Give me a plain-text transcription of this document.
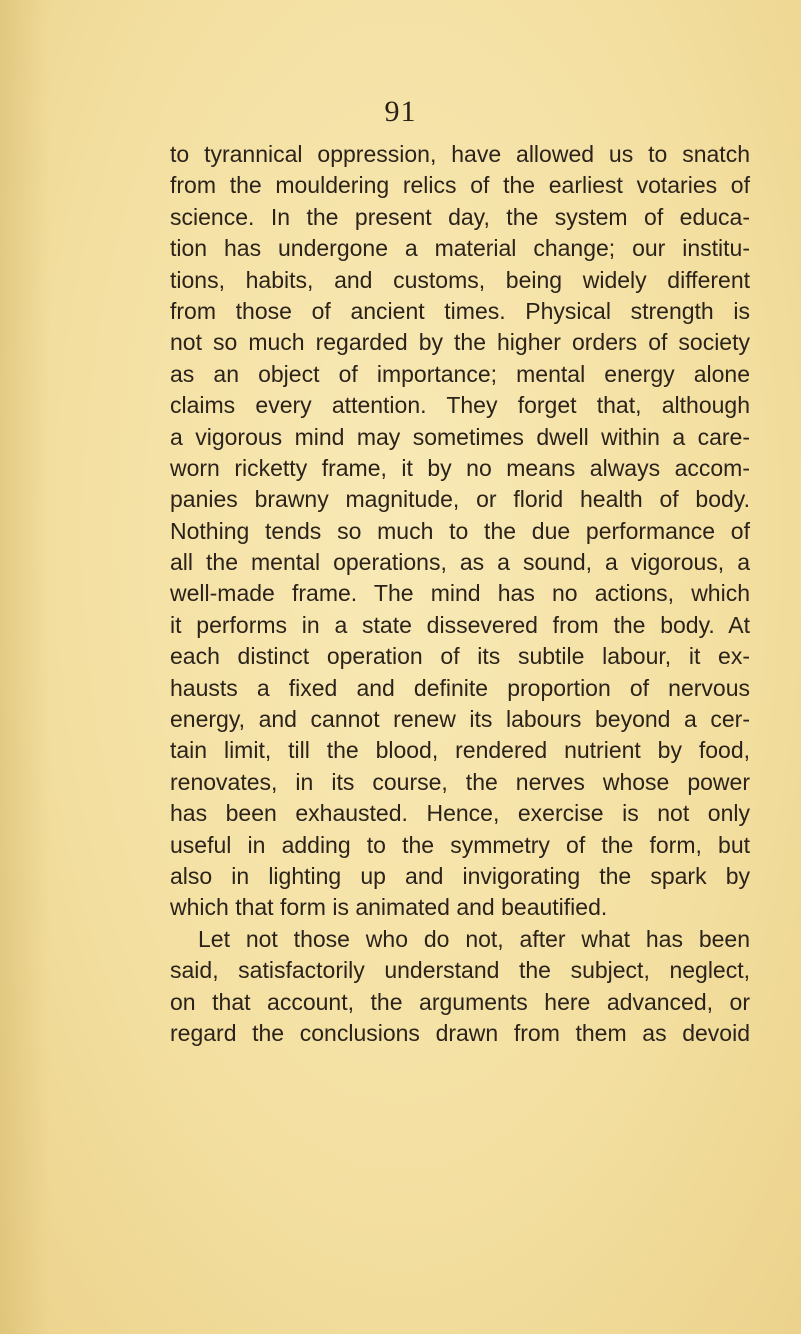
91
to tyrannical oppression, have allowed us to snatch
from the mouldering relics of the earliest votaries of
science. In the present day, the system of educa-
tion has undergone a material change; our institu-
tions, habits, and customs, being widely different
from those of ancient times. Physical strength is
not so much regarded by the higher orders of society
as an object of importance; mental energy alone
claims every attention. They forget that, although
a vigorous mind may sometimes dwell within a care-
worn ricketty frame, it by no means always accom-
panies brawny magnitude, or florid health of body.
Nothing tends so much to the due performance of
all the mental operations, as a sound, a vigorous, a
well-made frame. The mind has no actions, which
it performs in a state dissevered from the body. At
each distinct operation of its subtile labour, it ex-
hausts a fixed and definite proportion of nervous
energy, and cannot renew its labours beyond a cer-
tain limit, till the blood, rendered nutrient by food,
renovates, in its course, the nerves whose power
has been exhausted. Hence, exercise is not only
useful in adding to the symmetry of the form, but
also in lighting up and invigorating the spark by
which that form is animated and beautified.
Let not those who do not, after what has been
said, satisfactorily understand the subject, neglect,
on that account, the arguments here advanced, or
regard the conclusions drawn from them as devoid
